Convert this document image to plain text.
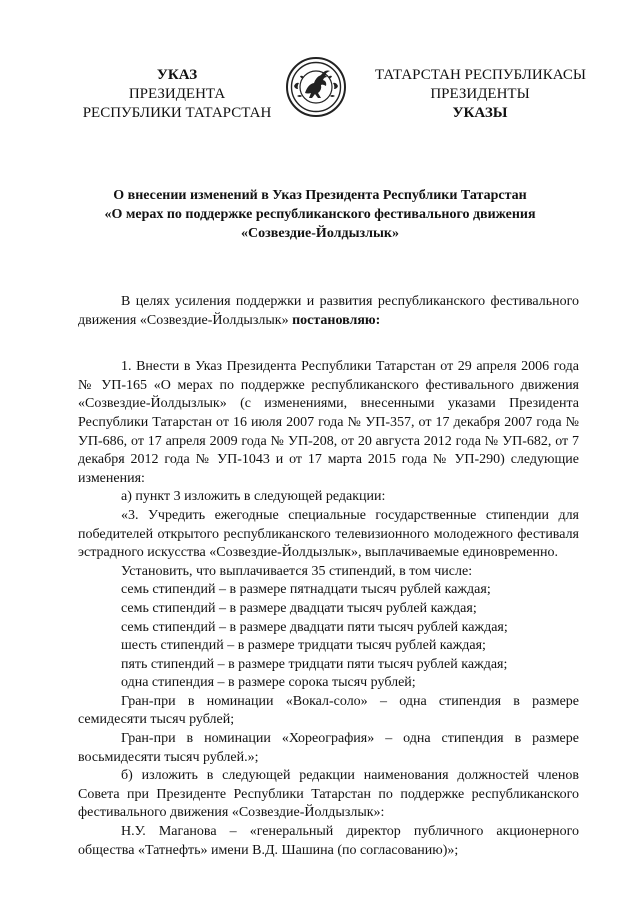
УКАЗ
ПРЕЗИДЕНТА
РЕСПУБЛИКИ ТАТАРСТАН
ТАТАРСТАН РЕСПУБЛИКАСЫ
ПРЕЗИДЕНТЫ
УКАЗЫ
О внесении изменений в Указ Президента Республики Татарстан
«О мерах по поддержке республиканского фестивального движения
«Созвездие-Йолдызлык»

В целях усиления поддержки и развития республиканского фестивального движения «Созвездие-Йолдызлык» постановляю:

1. Внести в Указ Президента Республики Татарстан от 29 апреля 2006 года № УП-165 «О мерах по поддержке республиканского фестивального движения «Созвездие-Йолдызлык» (с изменениями, внесенными указами Президента Республики Татарстан от 16 июля 2007 года № УП-357, от 17 декабря 2007 года № УП-686, от 17 апреля 2009 года № УП-208, от 20 августа 2012 года № УП-682, от 7 декабря 2012 года № УП-1043 и от 17 марта 2015 года № УП-290) следующие изменения:

а) пункт 3 изложить в следующей редакции:

«3. Учредить ежегодные специальные государственные стипендии для победителей открытого республиканского телевизионного молодежного фестиваля эстрадного искусства «Созвездие-Йолдызлык», выплачиваемые единовременно.

Установить, что выплачивается 35 стипендий, в том числе:

семь стипендий – в размере пятнадцати тысяч рублей каждая;

семь стипендий – в размере двадцати тысяч рублей каждая;

семь стипендий – в размере двадцати пяти тысяч рублей каждая;

шесть стипендий – в размере тридцати тысяч рублей каждая;

пять стипендий – в размере тридцати пяти тысяч рублей каждая;

одна стипендия – в размере сорока тысяч рублей;

Гран-при в номинации «Вокал-соло» – одна стипендия в размере семидесяти тысяч рублей;

Гран-при в номинации «Хореография» – одна стипендия в размере восьмидесяти тысяч рублей.»;

б) изложить в следующей редакции наименования должностей членов Совета при Президенте Республики Татарстан по поддержке республиканского фестивального движения «Созвездие-Йолдызлык»:

Н.У. Маганова – «генеральный директор публичного акционерного общества «Татнефть» имени В.Д. Шашина (по согласованию)»;
